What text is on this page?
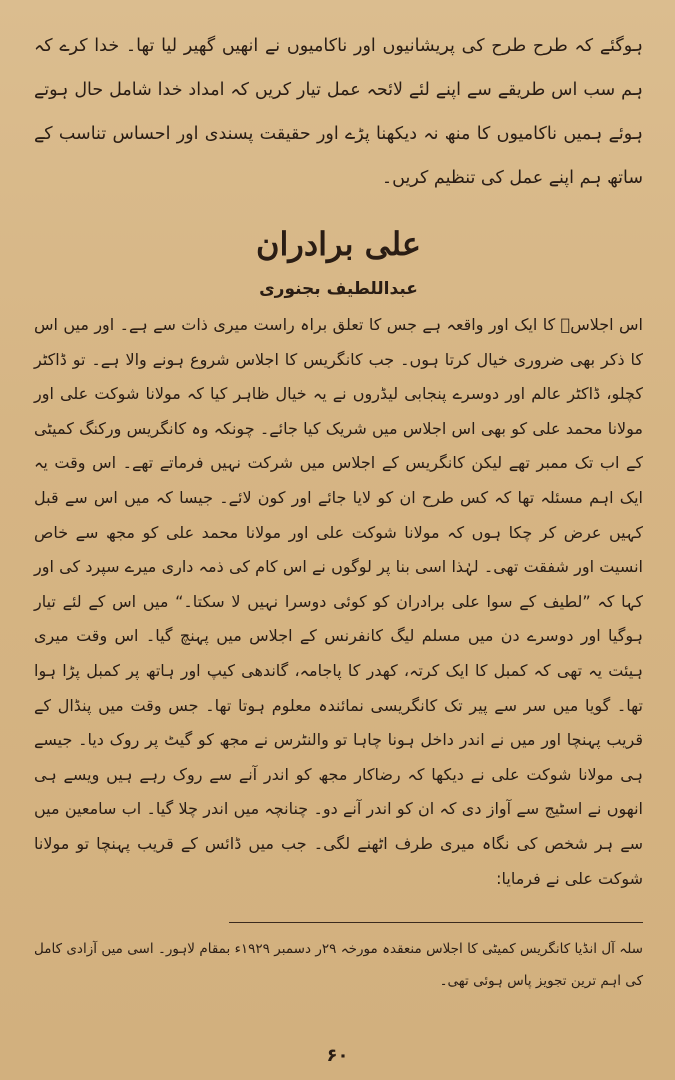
ہوگئے کہ طرح طرح کی پریشانیوں اور ناکامیوں نے انھیں گھیر لیا تھا۔ خدا کرے کہ ہم سب اس طریقے سے اپنے لئے لائحہ عمل تیار کریں کہ امداد خدا شامل حال ہوتے ہوئے ہمیں ناکامیوں کا منھ نہ دیکھنا پڑے اور حقیقت پسندی اور احساس تناسب کے ساتھ ہم اپنے عمل کی تنظیم کریں۔

علی برادران
عبداللطیف بجنوری

اس اجلاسؔ کا ایک اور واقعہ ہے جس کا تعلق براہ راست میری ذات سے ہے۔ اور میں اس کا ذکر بھی ضروری خیال کرتا ہوں۔ جب کانگریس کا اجلاس شروع ہونے والا ہے۔ تو ڈاکٹر کچلو، ڈاکٹر عالم اور دوسرے پنجابی لیڈروں نے یہ خیال ظاہر کیا کہ مولانا شوکت علی اور مولانا محمد علی کو بھی اس اجلاس میں شریک کیا جائے۔ چونکہ وہ کانگریس ورکنگ کمیٹی کے اب تک ممبر تھے لیکن کانگریس کے اجلاس میں شرکت نہیں فرماتے تھے۔ اس وقت یہ ایک اہم مسئلہ تھا کہ کس طرح ان کو لایا جائے اور کون لائے۔ جیسا کہ میں اس سے قبل کہیں عرض کر چکا ہوں کہ مولانا شوکت علی اور مولانا محمد علی کو مجھ سے خاص انسیت اور شفقت تھی۔ لہٰذا اسی بنا پر لوگوں نے اس کام کی ذمہ داری میرے سپرد کی اور کہا کہ ”لطیف کے سوا علی برادران کو کوئی دوسرا نہیں لا سکتا۔“ میں اس کے لئے تیار ہوگیا اور دوسرے دن میں مسلم لیگ کانفرنس کے اجلاس میں پہنچ گیا۔ اس وقت میری ہیئت یہ تھی کہ کمبل کا ایک کرتہ، کھدر کا پاجامہ، گاندھی کیپ اور ہاتھ پر کمبل پڑا ہوا تھا۔ گویا میں سر سے پیر تک کانگریسی نمائندہ معلوم ہوتا تھا۔ جس وقت میں پنڈال کے قریب پہنچا اور میں نے اندر داخل ہونا چاہا تو والنٹرس نے مجھ کو گیٹ پر روک دیا۔ جیسے ہی مولانا شوکت علی نے دیکھا کہ رضاکار مجھ کو اندر آنے سے روک رہے ہیں ویسے ہی انھوں نے اسٹیج سے آواز دی کہ ان کو اندر آنے دو۔ چنانچہ میں اندر چلا گیا۔ اب سامعین میں سے ہر شخص کی نگاہ میری طرف اٹھنے لگی۔ جب میں ڈائس کے قریب پہنچا تو مولانا شوکت علی نے فرمایا:

سلہ آل انڈیا کانگریس کمیٹی کا اجلاس منعقدہ مورخہ ۲۹ر دسمبر ۱۹۲۹ء بمقام لاہور۔ اسی میں آزادی کامل کی اہم ترین تجویز پاس ہوئی تھی۔

۶۰
